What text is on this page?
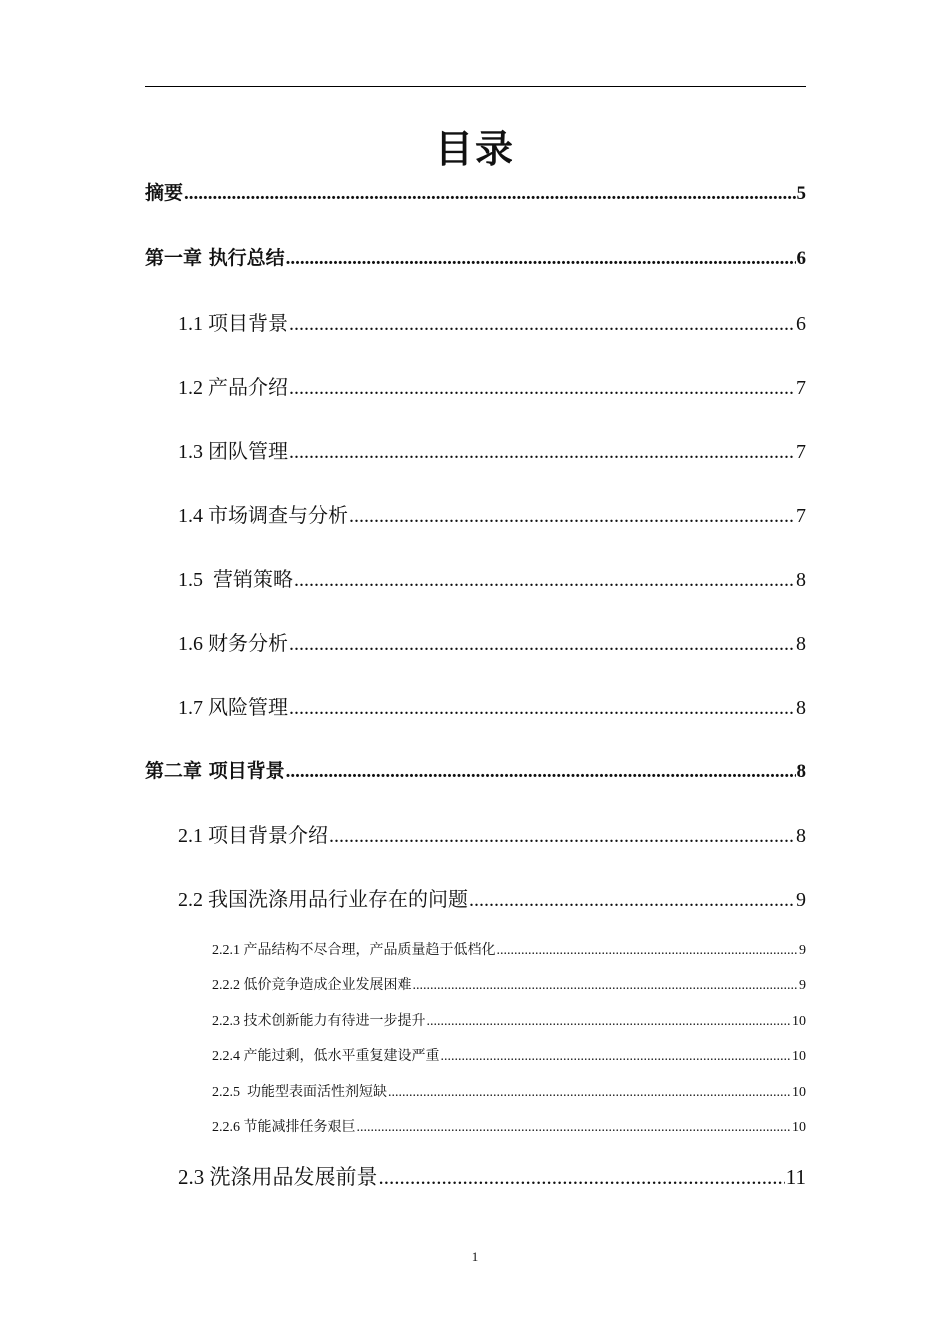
目录
摘要 .....	5
第一章 执行总结 .....	6
1.1 项目背景 .....	6
1.2 产品介绍 .....	7
1.3 团队管理 .....	7
1.4 市场调查与分析 .....	7
1.5  营销策略 .....	8
1.6 财务分析 .....	8
1.7 风险管理 .....	8
第二章 项目背景 .....	8
2.1 项目背景介绍 .....	8
2.2 我国洗涤用品行业存在的问题 .....	9
2.2.1 产品结构不尽合理，产品质量趋于低档化 .....	9
2.2.2 低价竞争造成企业发展困难 .....	9
2.2.3 技术创新能力有待进一步提升 .....	10
2.2.4 产能过剩，低水平重复建设严重 .....	10
2.2.5  功能型表面活性剂短缺 .....	10
2.2.6 节能减排任务艰巨 .....	10
2.3 洗涤用品发展前景 .....	11
1
